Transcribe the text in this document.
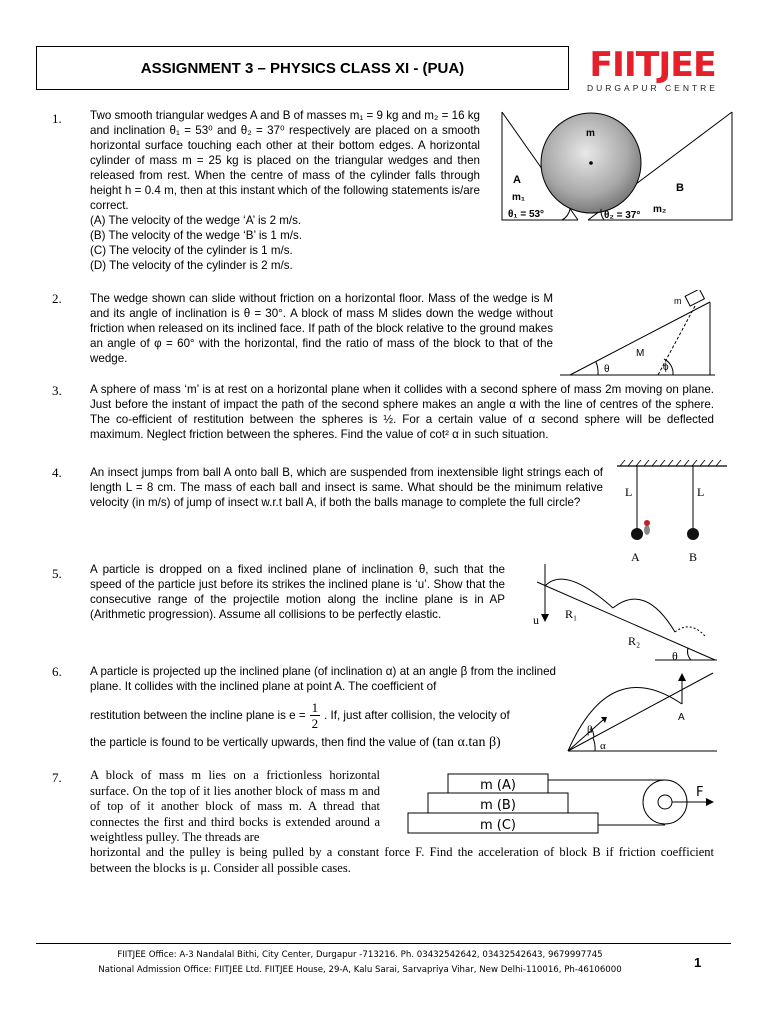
ASSIGNMENT 3 – PHYSICS CLASS XI - (PUA)	FIITJEE
DURGAPUR CENTRE
1. Two smooth triangular wedges A and B of masses m₁ = 9 kg and m₂ = 16 kg and inclination θ₁ = 53⁰ and θ₂ = 37⁰ respectively are placed on a smooth horizontal surface touching each other at their bottom edges. A horizontal cylinder of mass m = 25 kg is placed on the triangular wedges and then released from rest. When the centre of mass of the cylinder falls through height h = 0.4 m, then at this instant which of the following statements is/are correct.
(A) The velocity of the wedge ‘A’ is 2 m/s.
(B) The velocity of the wedge ‘B’ is 1 m/s.
(C) The velocity of the cylinder is 1 m/s.
(D) The velocity of the cylinder is 2 m/s.
m
A
B
m₁
m₂
θ₁ = 53°	θ₂ = 37°
2. The wedge shown can slide without friction on a horizontal floor. Mass of the wedge is M and its angle of inclination is θ = 30°. A block of mass M slides down the wedge without friction when released on its inclined face. If path of the block relative to the ground makes an angle of φ = 60° with the horizontal, find the ratio of mass of the block to that of the wedge.
m
M
θ	ϕ
3. A sphere of mass ‘m’ is at rest on a horizontal plane when it collides with a second sphere of mass 2m moving on plane. Just before the instant of impact the path of the second sphere makes an angle α with the line of centres of the sphere. The co-efficient of restitution between the spheres is ½. For a certain value of α second sphere will be deflected maximum. Neglect friction between the spheres. Find the value of cot² α in such situation.
4. An insect jumps from ball A onto ball B, which are suspended from inextensible light strings each of length L = 8 cm. The mass of each ball and insect is same. What should be the minimum relative velocity (in m/s) of jump of insect w.r.t ball A, if both the balls manage to complete the full circle?
L	L
A	B
5. A particle is dropped on a fixed inclined plane of inclination θ, such that the speed of the particle just before its strikes the inclined plane is ‘u’. Show that the consecutive range of the projectile motion along the incline plane is in AP (Arithmetic progression). Assume all collisions to be perfectly elastic.	u R₁
R₂
θ
6. A particle is projected up the inclined plane (of inclination α) at an angle β from the inclined plane. It collides with the inclined plane at point A. The coefficient of
restitution between the incline plane is $e = \frac{1}{2}$ . If, just after collision, the velocity of
the particle is found to be vertically upwards, then find the value of (tan α.tan β)
A
β
α
7. A block of mass m lies on a frictionless horizontal surface. On the top of it lies another block of mass m and of top of it another block of mass m. A thread that connectes the first and third bocks is extended around a weightless pulley. The threads are
horizontal and the pulley is being pulled by a constant force F. Find the acceleration of block B if friction coefficient between the blocks is μ. Consider all possible cases.
m (A)
m (B)
m (C)
F
FIITJEE Office: A-3 Nandalal Bithi, City Center, Durgapur -713216. Ph. 03432542642, 03432542643, 9679997745
National Admission Office: FIITJEE Ltd. FIITJEE House, 29-A, Kalu Sarai, Sarvapriya Vihar, New Delhi-110016, Ph-46106000	1
